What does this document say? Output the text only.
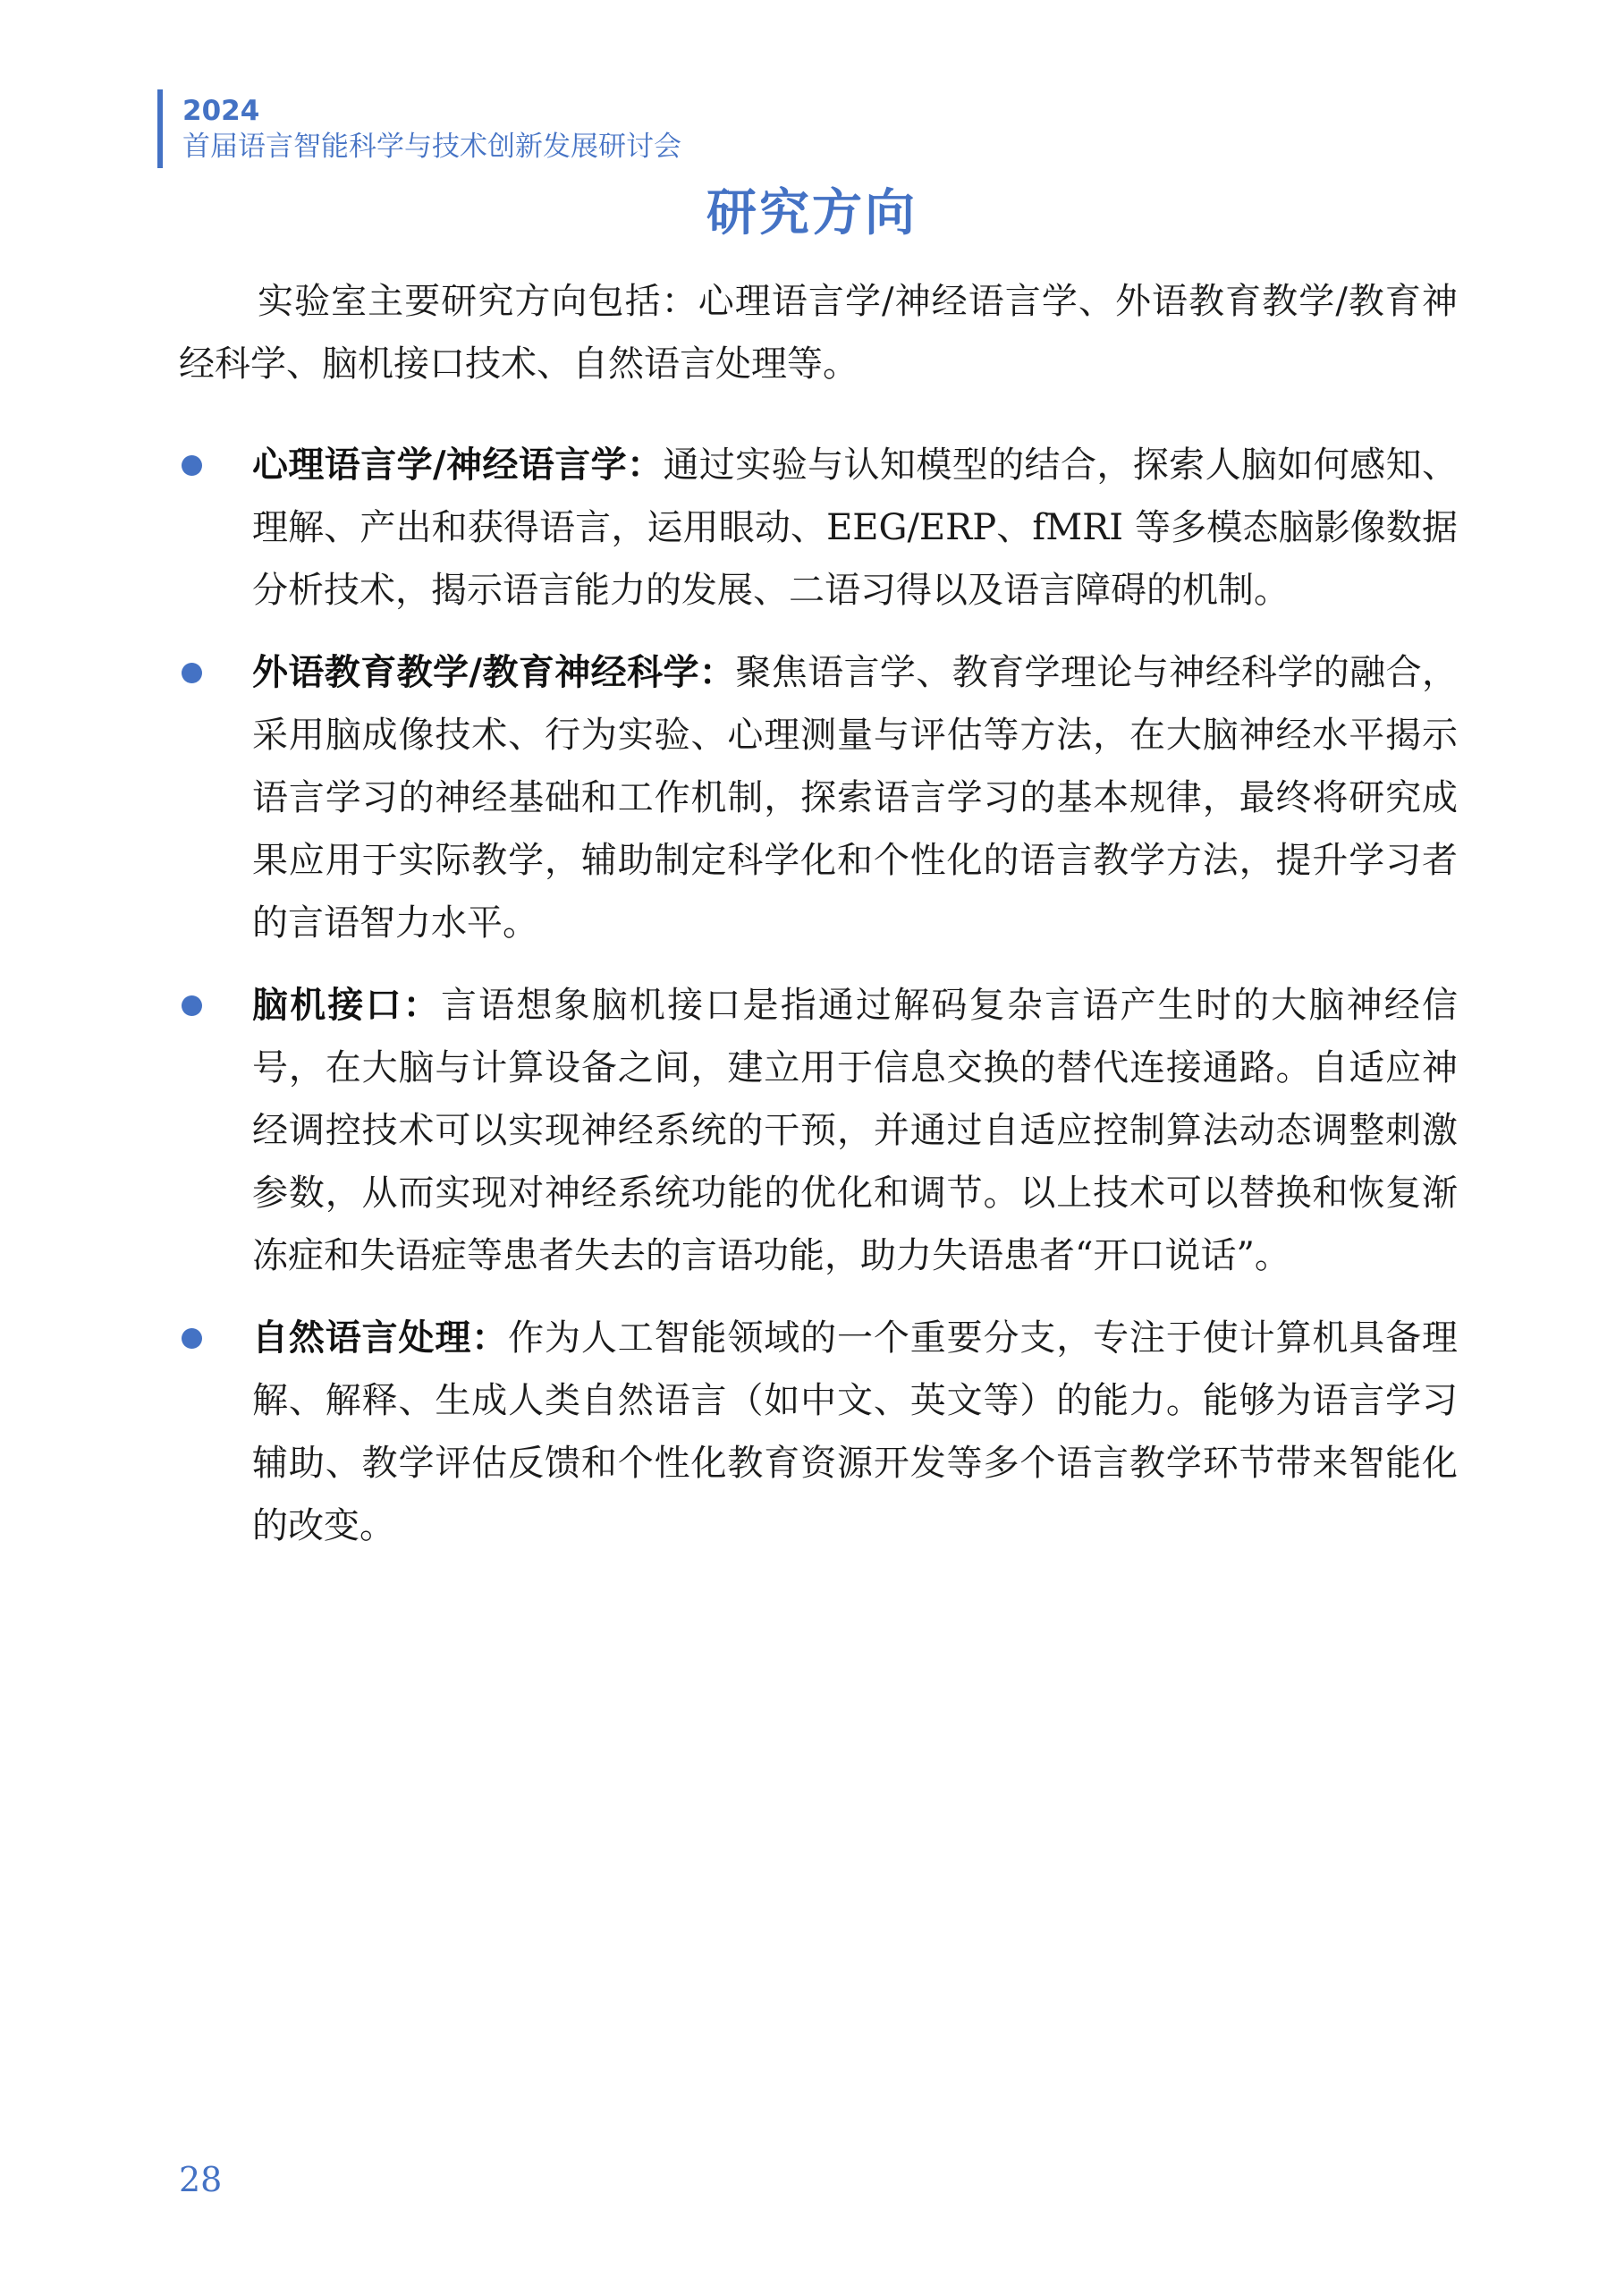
2024
首届语言智能科学与技术创新发展研讨会
研究方向
实验室主要研究方向包括：心理语言学/神经语言学、外语教育教学/教育神经科学、脑机接口技术、自然语言处理等。
心理语言学/神经语言学：通过实验与认知模型的结合，探索人脑如何感知、理解、产出和获得语言，运用眼动、EEG/ERP、fMRI 等多模态脑影像数据分析技术，揭示语言能力的发展、二语习得以及语言障碍的机制。
外语教育教学/教育神经科学：聚焦语言学、教育学理论与神经科学的融合，采用脑成像技术、行为实验、心理测量与评估等方法，在大脑神经水平揭示语言学习的神经基础和工作机制，探索语言学习的基本规律，最终将研究成果应用于实际教学，辅助制定科学化和个性化的语言教学方法，提升学习者的言语智力水平。
脑机接口：言语想象脑机接口是指通过解码复杂言语产生时的大脑神经信号，在大脑与计算设备之间，建立用于信息交换的替代连接通路。自适应神经调控技术可以实现神经系统的干预，并通过自适应控制算法动态调整刺激参数，从而实现对神经系统功能的优化和调节。以上技术可以替换和恢复渐冻症和失语症等患者失去的言语功能，助力失语患者“开口说话”。
自然语言处理：作为人工智能领域的一个重要分支，专注于使计算机具备理解、解释、生成人类自然语言（如中文、英文等）的能力。能够为语言学习辅助、教学评估反馈和个性化教育资源开发等多个语言教学环节带来智能化的改变。
28
